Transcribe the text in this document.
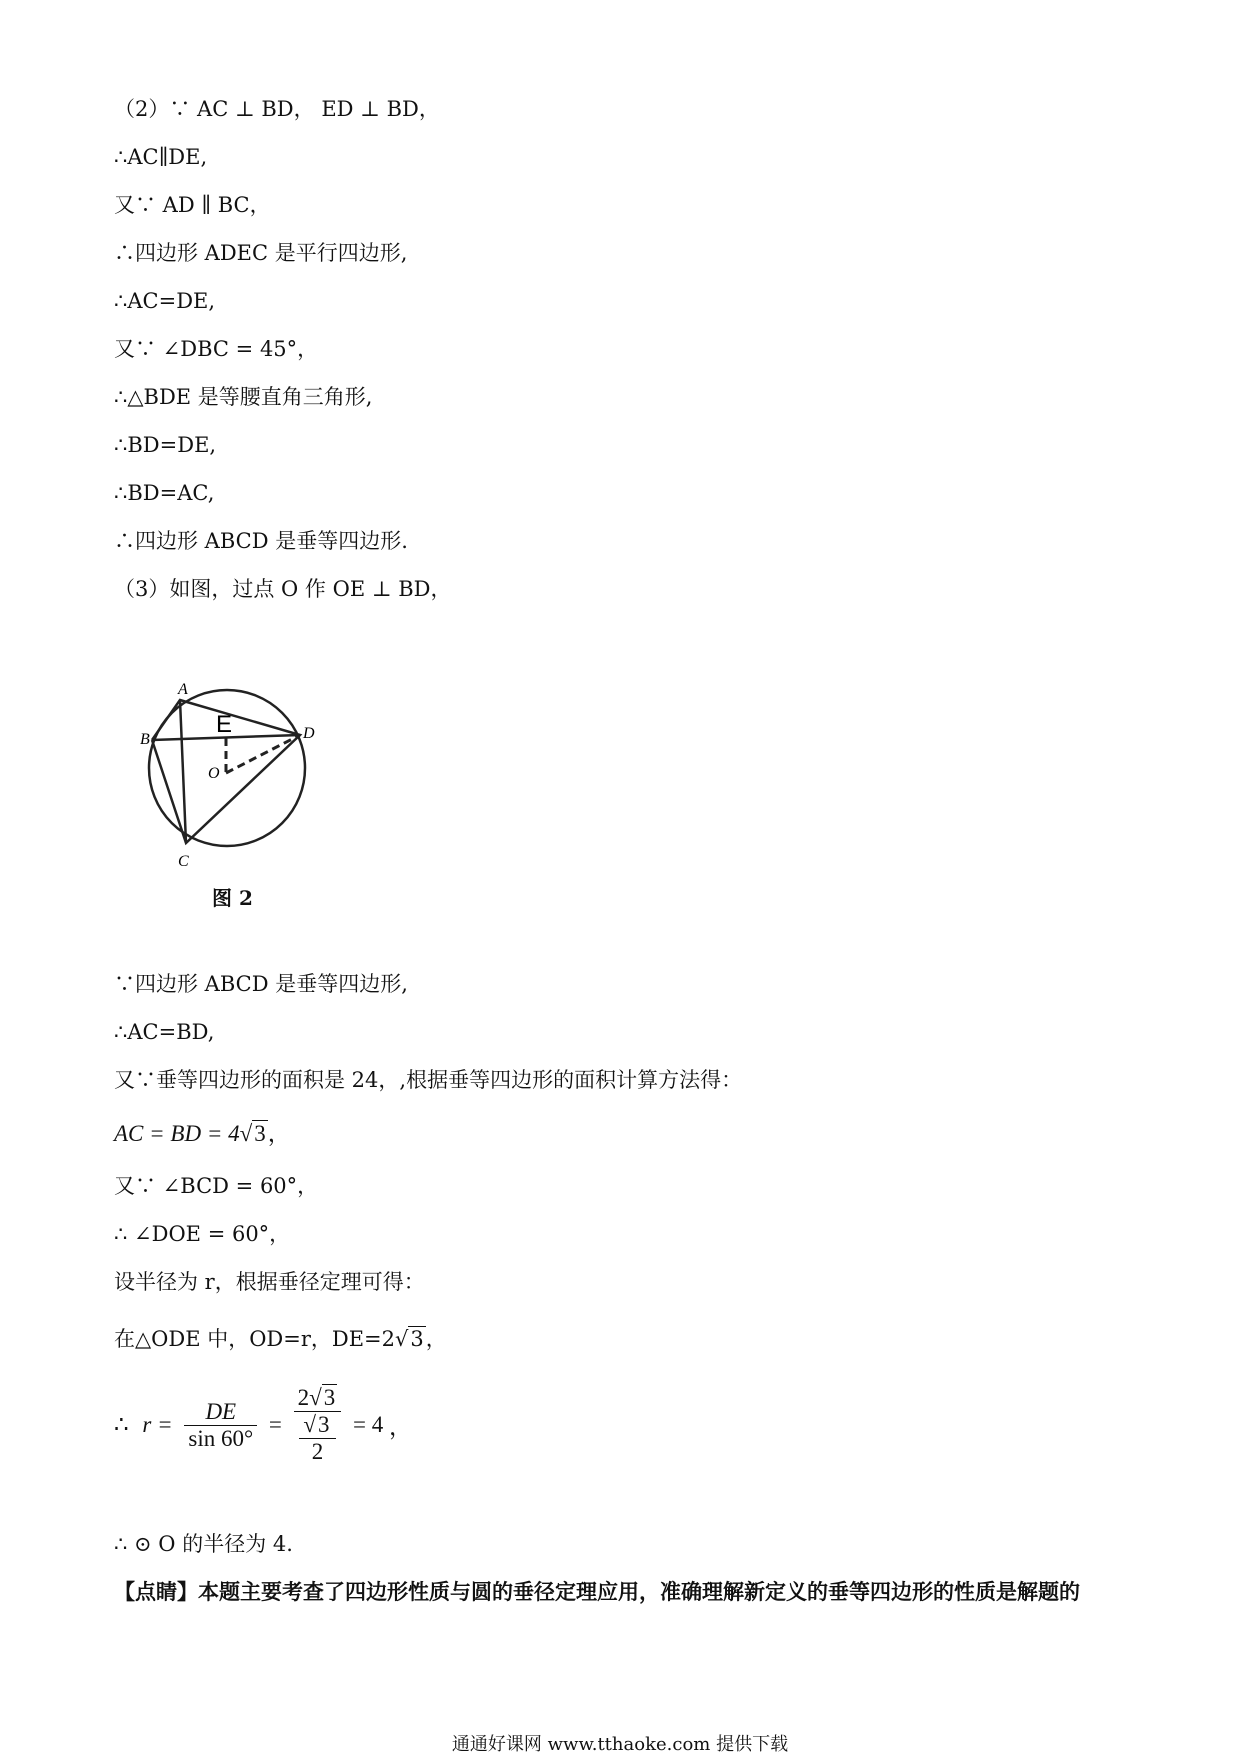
（2）∵ AC ⊥ BD， ED ⊥ BD，
∴AC∥DE,
又∵ AD ∥ BC，
∴四边形 ADEC 是平行四边形,
∴AC=DE,
又∵ ∠DBC = 45°，
∴△BDE 是等腰直角三角形,
∴BD=DE,
∴BD=AC,
∴四边形 ABCD 是垂等四边形.
（3）如图，过点 O 作 OE ⊥ BD，
A
B
C
D
E
O
图 2
∵四边形 ABCD 是垂等四边形,
∴AC=BD,
又∵垂等四边形的面积是 24，,根据垂等四边形的面积计算方法得：
AC = BD = 4√3，
又∵ ∠BCD = 60°，
∴ ∠DOE = 60°，
设半径为 r，根据垂径定理可得：
在△ODE 中，OD=r，DE=2√3，
∴ $r = \frac{DE}{\sin 60^\circ} = \frac{2√3}{\frac{√3}{2}} = 4$ ，
∴ ⊙ O 的半径为 4.
【点睛】本题主要考查了四边形性质与圆的垂径定理应用，准确理解新定义的垂等四边形的性质是解题的
通通好课网 www.tthaoke.com 提供下载
